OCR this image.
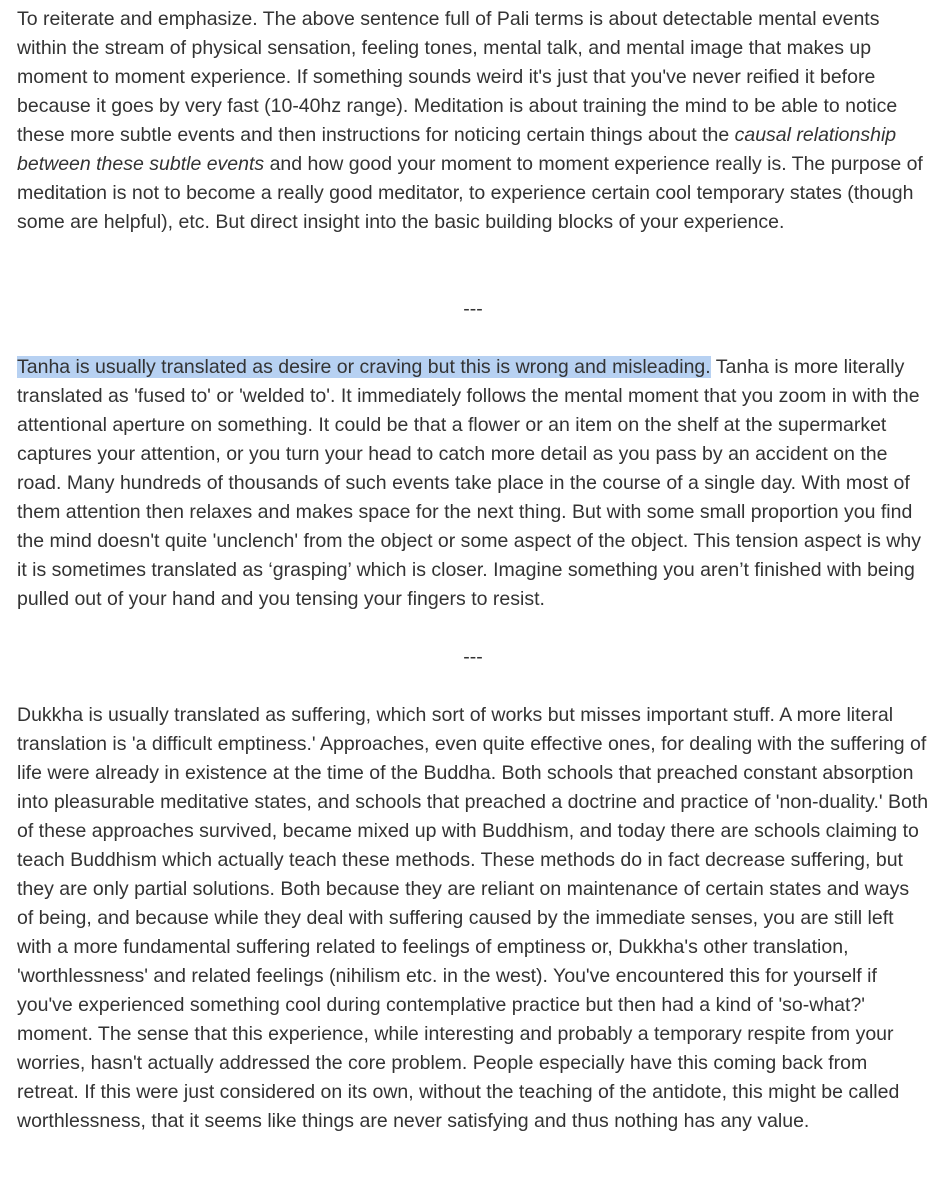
To reiterate and emphasize. The above sentence full of Pali terms is about detectable mental events within the stream of physical sensation, feeling tones, mental talk, and mental image that makes up moment to moment experience. If something sounds weird it's just that you've never reified it before because it goes by very fast (10-40hz range). Meditation is about training the mind to be able to notice these more subtle events and then instructions for noticing certain things about the causal relationship between these subtle events and how good your moment to moment experience really is. The purpose of meditation is not to become a really good meditator, to experience certain cool temporary states (though some are helpful), etc. But direct insight into the basic building blocks of your experience.

---

Tanha is usually translated as desire or craving but this is wrong and misleading. Tanha is more literally translated as 'fused to' or 'welded to'. It immediately follows the mental moment that you zoom in with the attentional aperture on something. It could be that a flower or an item on the shelf at the supermarket captures your attention, or you turn your head to catch more detail as you pass by an accident on the road. Many hundreds of thousands of such events take place in the course of a single day. With most of them attention then relaxes and makes space for the next thing. But with some small proportion you find the mind doesn't quite 'unclench' from the object or some aspect of the object. This tension aspect is why it is sometimes translated as ‘grasping’ which is closer. Imagine something you aren’t finished with being pulled out of your hand and you tensing your fingers to resist.

---

Dukkha is usually translated as suffering, which sort of works but misses important stuff. A more literal translation is 'a difficult emptiness.' Approaches, even quite effective ones, for dealing with the suffering of life were already in existence at the time of the Buddha. Both schools that preached constant absorption into pleasurable meditative states, and schools that preached a doctrine and practice of 'non-duality.' Both of these approaches survived, became mixed up with Buddhism, and today there are schools claiming to teach Buddhism which actually teach these methods. These methods do in fact decrease suffering, but they are only partial solutions. Both because they are reliant on maintenance of certain states and ways of being, and because while they deal with suffering caused by the immediate senses, you are still left with a more fundamental suffering related to feelings of emptiness or, Dukkha's other translation, 'worthlessness' and related feelings (nihilism etc. in the west). You've encountered this for yourself if you've experienced something cool during contemplative practice but then had a kind of 'so-what?' moment. The sense that this experience, while interesting and probably a temporary respite from your worries, hasn't actually addressed the core problem. People especially have this coming back from retreat. If this were just considered on its own, without the teaching of the antidote, this might be called worthlessness, that it seems like things are never satisfying and thus nothing has any value.
